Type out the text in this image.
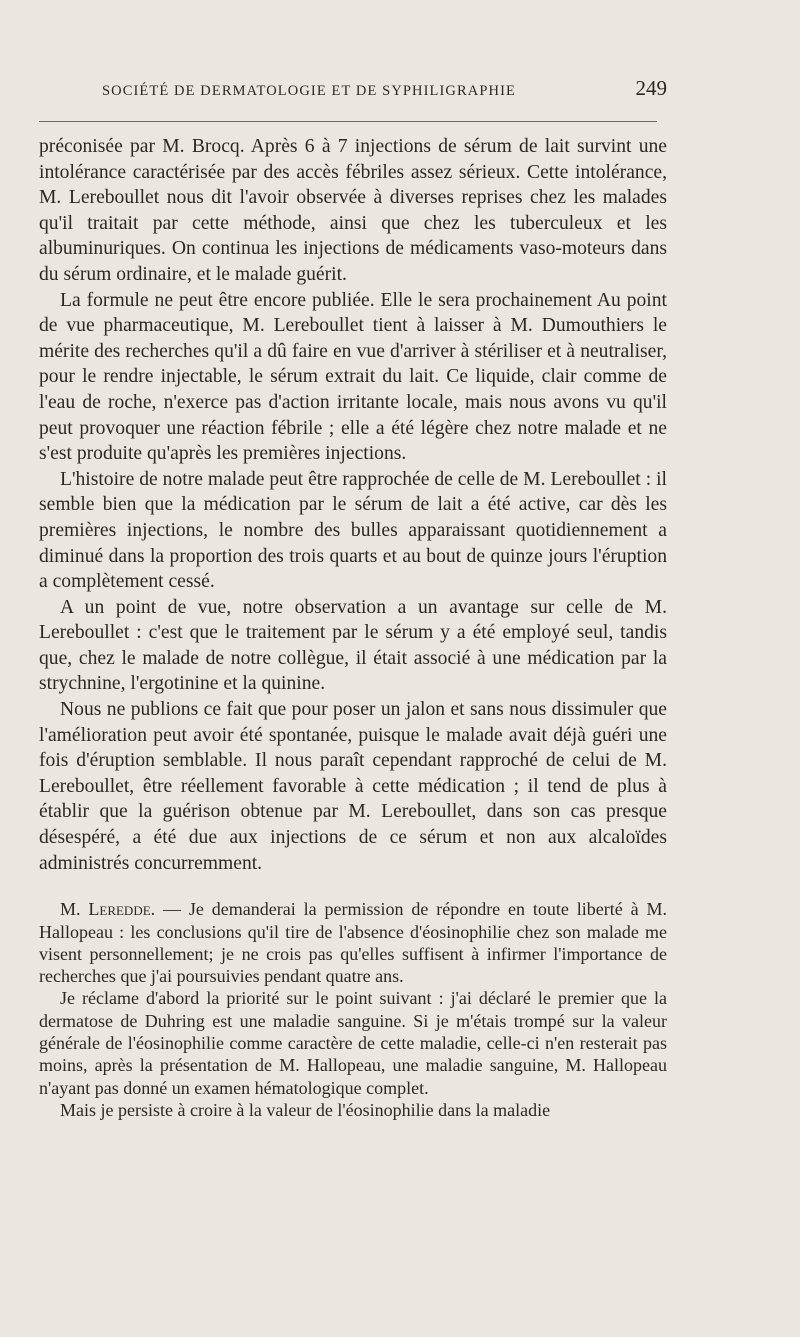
SOCIÉTÉ DE DERMATOLOGIE ET DE SYPHILIGRAPHIE	249

préconisée par M. Brocq. Après 6 à 7 injections de sérum de lait survint une intolérance caractérisée par des accès fébriles assez sérieux. Cette intolérance, M. Lereboullet nous dit l'avoir observée à diverses reprises chez les malades qu'il traitait par cette méthode, ainsi que chez les tuberculeux et les albuminuriques. On continua les injections de médicaments vaso-moteurs dans du sérum ordinaire, et le malade guérit.

La formule ne peut être encore publiée. Elle le sera prochainement Au point de vue pharmaceutique, M. Lereboullet tient à laisser à M. Dumouthiers le mérite des recherches qu'il a dû faire en vue d'arriver à stériliser et à neutraliser, pour le rendre injectable, le sérum extrait du lait. Ce liquide, clair comme de l'eau de roche, n'exerce pas d'action irritante locale, mais nous avons vu qu'il peut provoquer une réaction fébrile ; elle a été légère chez notre malade et ne s'est produite qu'après les premières injections.

L'histoire de notre malade peut être rapprochée de celle de M. Lereboullet : il semble bien que la médication par le sérum de lait a été active, car dès les premières injections, le nombre des bulles apparaissant quotidiennement a diminué dans la proportion des trois quarts et au bout de quinze jours l'éruption a complètement cessé.

A un point de vue, notre observation a un avantage sur celle de M. Lereboullet : c'est que le traitement par le sérum y a été employé seul, tandis que, chez le malade de notre collègue, il était associé à une médication par la strychnine, l'ergotinine et la quinine.

Nous ne publions ce fait que pour poser un jalon et sans nous dissimuler que l'amélioration peut avoir été spontanée, puisque le malade avait déjà guéri une fois d'éruption semblable. Il nous paraît cependant rapproché de celui de M. Lereboullet, être réellement favorable à cette médication ; il tend de plus à établir que la guérison obtenue par M. Lereboullet, dans son cas presque désespéré, a été due aux injections de ce sérum et non aux alcaloïdes administrés concurremment.

M. Leredde. — Je demanderai la permission de répondre en toute liberté à M. Hallopeau : les conclusions qu'il tire de l'absence d'éosinophilie chez son malade me visent personnellement; je ne crois pas qu'elles suffisent à infirmer l'importance de recherches que j'ai poursuivies pendant quatre ans.

Je réclame d'abord la priorité sur le point suivant : j'ai déclaré le premier que la dermatose de Duhring est une maladie sanguine. Si je m'étais trompé sur la valeur générale de l'éosinophilie comme caractère de cette maladie, celle-ci n'en resterait pas moins, après la présentation de M. Hallopeau, une maladie sanguine, M. Hallopeau n'ayant pas donné un examen hématologique complet.

Mais je persiste à croire à la valeur de l'éosinophilie dans la maladie
